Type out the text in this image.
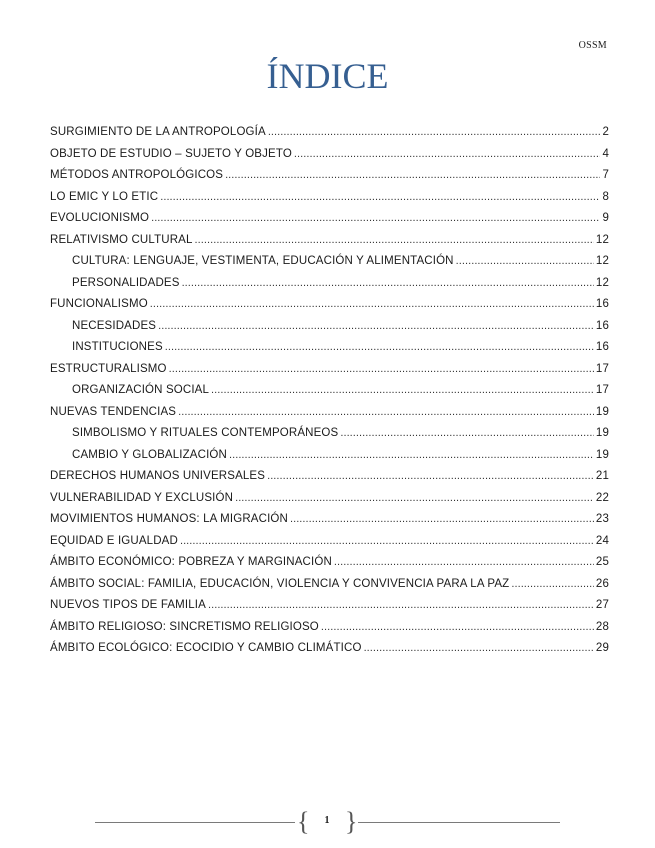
OSSM
ÍNDICE
SURGIMIENTO DE LA ANTROPOLOGÍA . . .	2
OBJETO DE ESTUDIO – SUJETO Y OBJETO . . .	4
MÉTODOS ANTROPOLÓGICOS . . .	7
LO EMIC Y LO ETIC . . .	8
EVOLUCIONISMO . . .	9
RELATIVISMO CULTURAL . . .	12
CULTURA: LENGUAJE, VESTIMENTA, EDUCACIÓN Y ALIMENTACIÓN . . .	12
PERSONALIDADES . . .	12
FUNCIONALISMO . . .	16
NECESIDADES . . .	16
INSTITUCIONES . . .	16
ESTRUCTURALISMO . . .	17
ORGANIZACIÓN SOCIAL . . .	17
NUEVAS TENDENCIAS . . .	19
SIMBOLISMO Y RITUALES CONTEMPORÁNEOS . . .	19
CAMBIO Y GLOBALIZACIÓN . . .	19
DERECHOS HUMANOS UNIVERSALES . . .	21
VULNERABILIDAD Y EXCLUSIÓN . . .	22
MOVIMIENTOS HUMANOS: LA MIGRACIÓN . . .	23
EQUIDAD E IGUALDAD . . .	24
ÁMBITO ECONÓMICO: POBREZA Y MARGINACIÓN . . .	25
ÁMBITO SOCIAL: FAMILIA, EDUCACIÓN, VIOLENCIA Y CONVIVENCIA PARA LA PAZ . . .	26
NUEVOS TIPOS DE FAMILIA . . .	27
ÁMBITO RELIGIOSO: SINCRETISMO RELIGIOSO . . .	28
ÁMBITO ECOLÓGICO: ECOCIDIO Y CAMBIO CLIMÁTICO . . .	29
{	1 }
